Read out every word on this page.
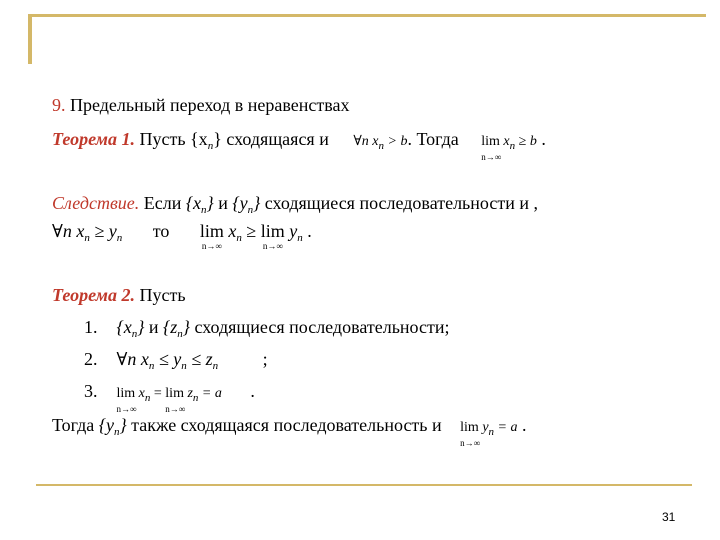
9. Предельный переход в неравенствах
Теорема 1. Пусть $\{x_n\}$ сходящаяся и ∀n $x_n > b$. Тогда lim
n→∞
$x_n \ge b$ .
Следствие. Если $\{x_n\}$ и $\{y_n\}$ сходящиеся последовательности и ,
∀n $x_n \ge y_n$ то lim
n→∞
$x_n \ge \lim$
n→∞
$y_n$ .
Теорема 2. Пусть
1. $\{x_n\}$ и $\{z_n\}$ сходящиеся последовательности;
2. ∀n $x_n \le y_n \le z_n$ ;
3. lim
n→∞
$x_n = \lim$
n→∞
$z_n = a$ .
Тогда $\{y_n\}$ также сходящаяся последовательность и lim
n→∞
$y_n = a$ .
31
